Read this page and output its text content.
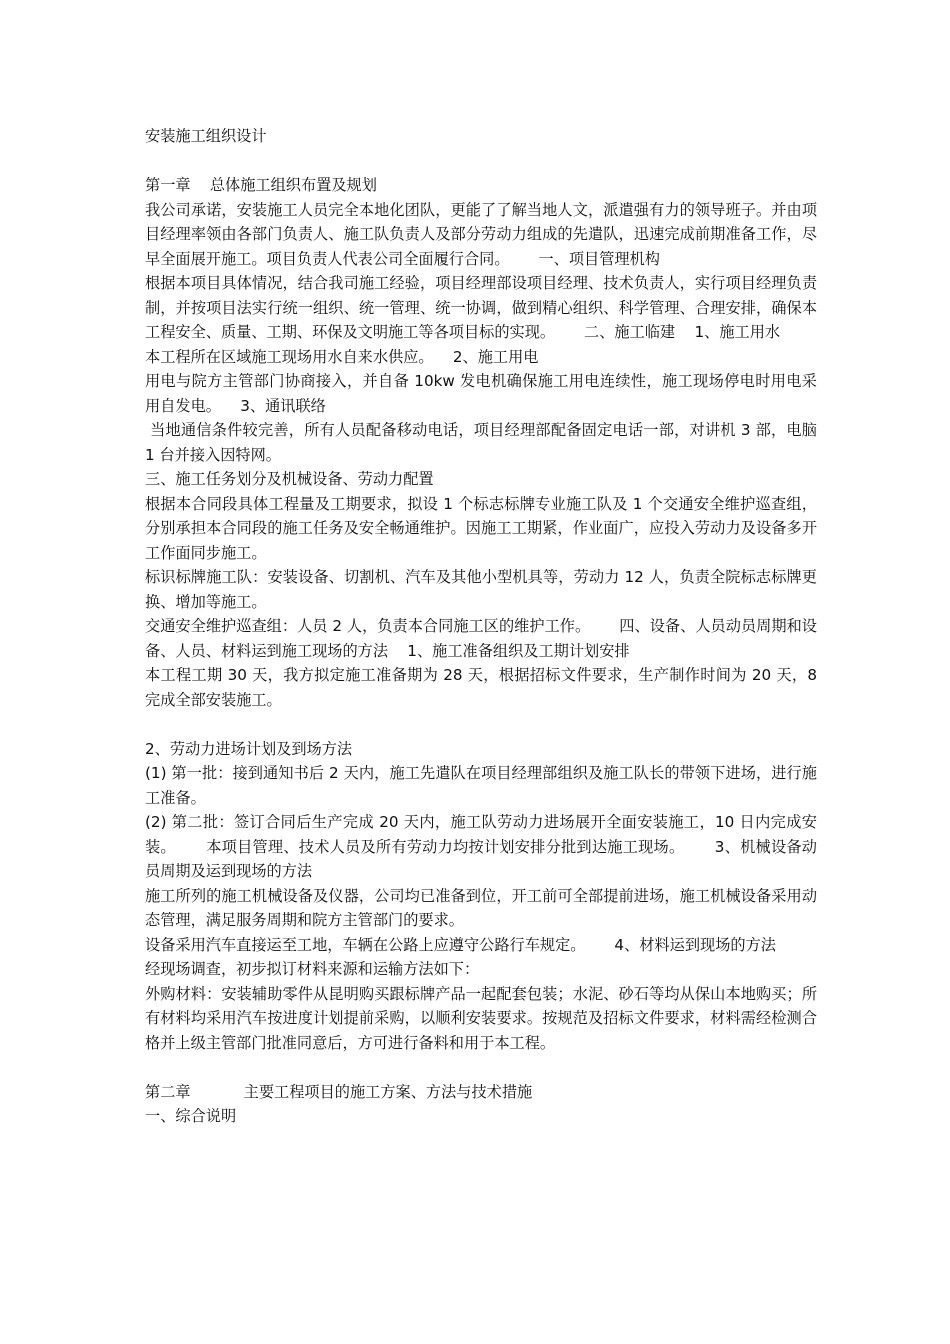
安装施工组织设计

第一章    总体施工组织布置及规划

我公司承诺，安装施工人员完全本地化团队，更能了了解当地人文，派遣强有力的领导班子。并由项目经理率领由各部门负责人、施工队负责人及部分劳动力组成的先遣队，迅速完成前期准备工作，尽早全面展开施工。项目负责人代表公司全面履行合同。      一、项目管理机构

根据本项目具体情况，结合我司施工经验，项目经理部设项目经理、技术负责人，实行项目经理负责制，并按项目法实行统一组织、统一管理、统一协调，做到精心组织、科学管理、合理安排，确保本工程安全、质量、工期、环保及文明施工等各项目标的实现。      二、施工临建    1、施工用水

本工程所在区域施工现场用水自来水供应。    2、施工用电

用电与院方主管部门协商接入，并自备 10kw 发电机确保施工用电连续性，施工现场停电时用电采用自发电。    3、通讯联络

当地通信条件较完善，所有人员配备移动电话，项目经理部配备固定电话一部，对讲机 3 部，电脑 1 台并接入因特网。

三、施工任务划分及机械设备、劳动力配置

根据本合同段具体工程量及工期要求，拟设 1 个标志标牌专业施工队及 1 个交通安全维护巡查组，分别承担本合同段的施工任务及安全畅通维护。因施工工期紧，作业面广，应投入劳动力及设备多开工作面同步施工。

标识标牌施工队：安装设备、切割机、汽车及其他小型机具等，劳动力 12 人，负责全院标志标牌更换、增加等施工。

交通安全维护巡查组：人员 2 人，负责本合同施工区的维护工作。      四、设备、人员动员周期和设备、人员、材料运到施工现场的方法    1、施工准备组织及工期计划安排

本工程工期 30 天，我方拟定施工准备期为 28 天，根据招标文件要求，生产制作时间为 20 天，8 完成全部安装施工。

2、劳动力进场计划及到场方法

(1) 第一批：接到通知书后 2 天内，施工先遣队在项目经理部组织及施工队长的带领下进场，进行施工准备。

(2) 第二批：签订合同后生产完成 20 天内，施工队劳动力进场展开全面安装施工，10 日内完成安装。      本项目管理、技术人员及所有劳动力均按计划安排分批到达施工现场。      3、机械设备动员周期及运到现场的方法

施工所列的施工机械设备及仪器，公司均已准备到位，开工前可全部提前进场，施工机械设备采用动态管理，满足服务周期和院方主管部门的要求。

设备采用汽车直接运至工地，车辆在公路上应遵守公路行车规定。      4、材料运到现场的方法

经现场调查，初步拟订材料来源和运输方法如下：

外购材料：安装辅助零件从昆明购买跟标牌产品一起配套包装；水泥、砂石等均从保山本地购买；所有材料均采用汽车按进度计划提前采购，以顺利安装要求。按规范及招标文件要求，材料需经检测合格并上级主管部门批准同意后，方可进行备料和用于本工程。

第二章           主要工程项目的施工方案、方法与技术措施

一、综合说明
